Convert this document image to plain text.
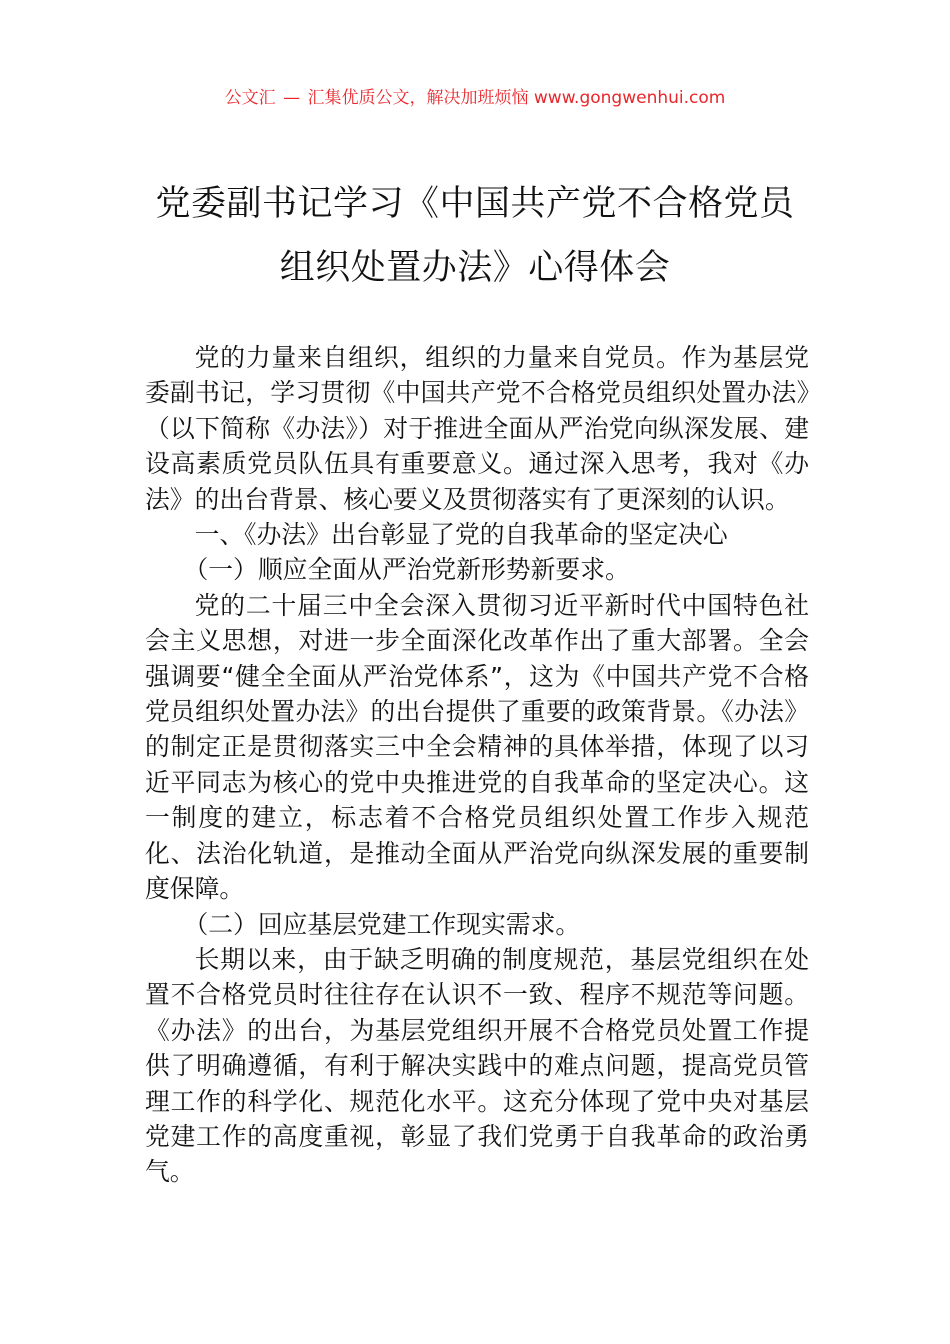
公文汇 — 汇集优质公文，解决加班烦恼 www.gongwenhui.com
党委副书记学习《中国共产党不合格党员
组织处置办法》心得体会

党的力量来自组织，组织的力量来自党员。作为基层党委副书记，学习贯彻《中国共产党不合格党员组织处置办法》（以下简称《办法》）对于推进全面从严治党向纵深发展、建设高素质党员队伍具有重要意义。通过深入思考，我对《办法》的出台背景、核心要义及贯彻落实有了更深刻的认识。

一、《办法》出台彰显了党的自我革命的坚定决心

（一）顺应全面从严治党新形势新要求。

党的二十届三中全会深入贯彻习近平新时代中国特色社会主义思想，对进一步全面深化改革作出了重大部署。全会强调要“健全全面从严治党体系”，这为《中国共产党不合格党员组织处置办法》的出台提供了重要的政策背景。《办法》的制定正是贯彻落实三中全会精神的具体举措，体现了以习近平同志为核心的党中央推进党的自我革命的坚定决心。这一制度的建立，标志着不合格党员组织处置工作步入规范化、法治化轨道，是推动全面从严治党向纵深发展的重要制度保障。

（二）回应基层党建工作现实需求。

长期以来，由于缺乏明确的制度规范，基层党组织在处置不合格党员时往往存在认识不一致、程序不规范等问题。《办法》的出台，为基层党组织开展不合格党员处置工作提供了明确遵循，有利于解决实践中的难点问题，提高党员管理工作的科学化、规范化水平。这充分体现了党中央对基层党建工作的高度重视，彰显了我们党勇于自我革命的政治勇气。
